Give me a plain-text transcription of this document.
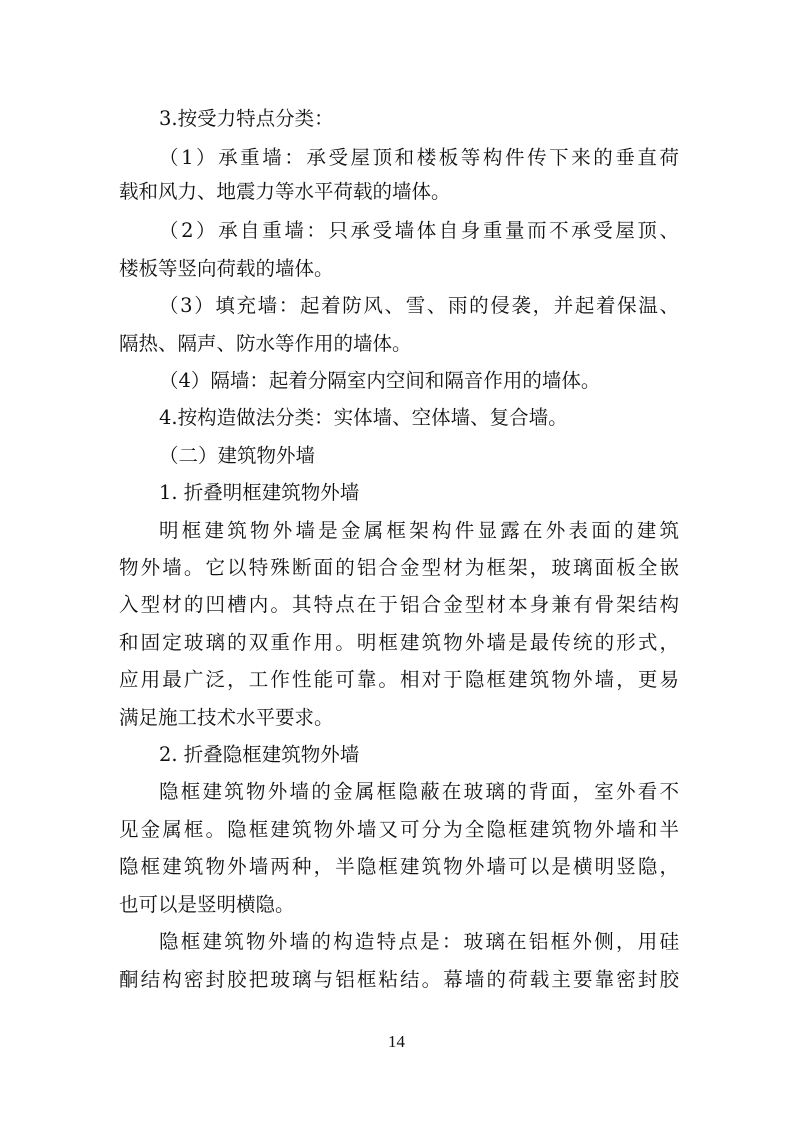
3.按受力特点分类：
（1）承重墙：承受屋顶和楼板等构件传下来的垂直荷
载和风力、地震力等水平荷载的墙体。
（2）承自重墙：只承受墙体自身重量而不承受屋顶、
楼板等竖向荷载的墙体。
（3）填充墙：起着防风、雪、雨的侵袭，并起着保温、
隔热、隔声、防水等作用的墙体。
（4）隔墙：起着分隔室内空间和隔音作用的墙体。
4.按构造做法分类：实体墙、空体墙、复合墙。
（二）建筑物外墙
1. 折叠明框建筑物外墙
明框建筑物外墙是金属框架构件显露在外表面的建筑
物外墙。它以特殊断面的铝合金型材为框架，玻璃面板全嵌
入型材的凹槽内。其特点在于铝合金型材本身兼有骨架结构
和固定玻璃的双重作用。明框建筑物外墙是最传统的形式，
应用最广泛，工作性能可靠。相对于隐框建筑物外墙，更易
满足施工技术水平要求。
2. 折叠隐框建筑物外墙
隐框建筑物外墙的金属框隐蔽在玻璃的背面，室外看不
见金属框。隐框建筑物外墙又可分为全隐框建筑物外墙和半
隐框建筑物外墙两种，半隐框建筑物外墙可以是横明竖隐，
也可以是竖明横隐。
隐框建筑物外墙的构造特点是：玻璃在铝框外侧，用硅
酮结构密封胶把玻璃与铝框粘结。幕墙的荷载主要靠密封胶
14
